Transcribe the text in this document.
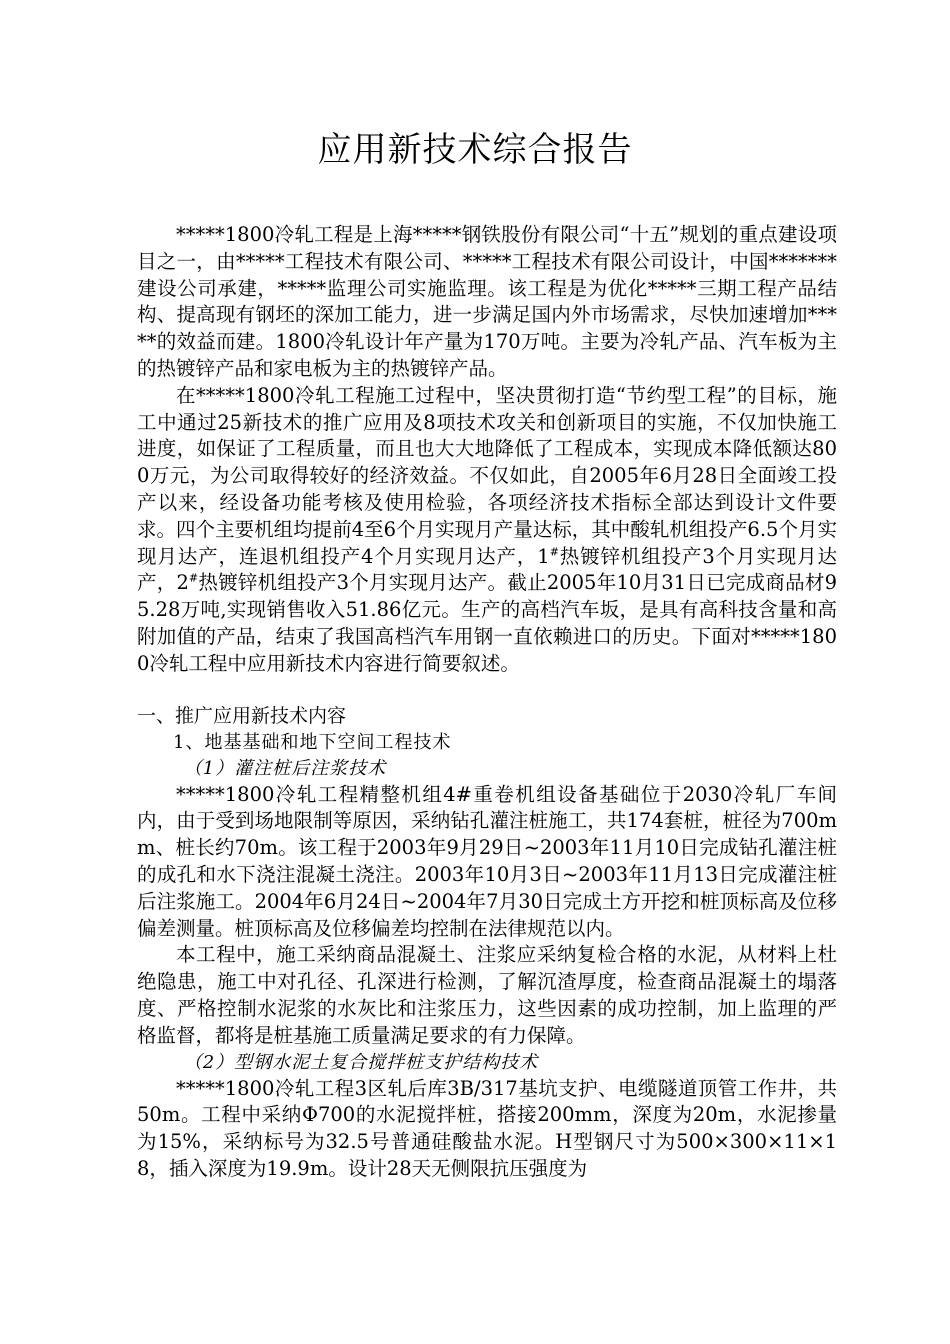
应用新技术综合报告

*****1800冷轧工程是上海*****钢铁股份有限公司“十五”规划的重点建设项目之一，由*****工程技术有限公司、*****工程技术有限公司设计，中国*******建设公司承建，*****监理公司实施监理。该工程是为优化*****三期工程产品结构、提高现有钢坯的深加工能力，进一步满足国内外市场需求，尽快加速增加*****的效益而建。1800冷轧设计年产量为170万吨。主要为冷轧产品、汽车板为主的热镀锌产品和家电板为主的热镀锌产品。

在*****1800冷轧工程施工过程中，坚决贯彻打造“节约型工程”的目标，施工中通过25新技术的推广应用及8项技术攻关和创新项目的实施，不仅加快施工进度，如保证了工程质量，而且也大大地降低了工程成本，实现成本降低额达800万元，为公司取得较好的经济效益。不仅如此，自2005年6月28日全面竣工投产以来，经设备功能考核及使用检验，各项经济技术指标全部达到设计文件要求。四个主要机组均提前4至6个月实现月产量达标，其中酸轧机组投产6.5个月实现月达产，连退机组投产4个月实现月达产，1#热镀锌机组投产3个月实现月达产，2#热镀锌机组投产3个月实现月达产。截止2005年10月31日已完成商品材95.28万吨,实现销售收入51.86亿元。生产的高档汽车坂，是具有高科技含量和高附加值的产品，结束了我国高档汽车用钢一直依赖进口的历史。下面对*****1800冷轧工程中应用新技术内容进行简要叙述。

一、推广应用新技术内容
1、地基基础和地下空间工程技术
（1）灌注桩后注浆技术

*****1800冷轧工程精整机组4#重卷机组设备基础位于2030冷轧厂车间内，由于受到场地限制等原因，采纳钻孔灌注桩施工，共174套桩，桩径为700mm、桩长约70m。该工程于2003年9月29日~2003年11月10日完成钻孔灌注桩的成孔和水下浇注混凝土浇注。2003年10月3日~2003年11月13日完成灌注桩后注浆施工。2004年6月24日~2004年7月30日完成土方开挖和桩顶标高及位移偏差测量。桩顶标高及位移偏差均控制在法律规范以内。

本工程中，施工采纳商品混凝土、注浆应采纳复检合格的水泥，从材料上杜绝隐患，施工中对孔径、孔深进行检测，了解沉渣厚度，检查商品混凝土的塌落度、严格控制水泥浆的水灰比和注浆压力，这些因素的成功控制，加上监理的严格监督，都将是桩基施工质量满足要求的有力保障。

（2）型钢水泥土复合搅拌桩支护结构技术

*****1800冷轧工程3区轧后库3B/317基坑支护、电缆隧道顶管工作井，共50m。工程中采纳Φ700的水泥搅拌桩，搭接200mm，深度为20m，水泥掺量为15%，采纳标号为32.5号普通硅酸盐水泥。H型钢尺寸为500×300×11×18，插入深度为19.9m。设计28天无侧限抗压强度为
